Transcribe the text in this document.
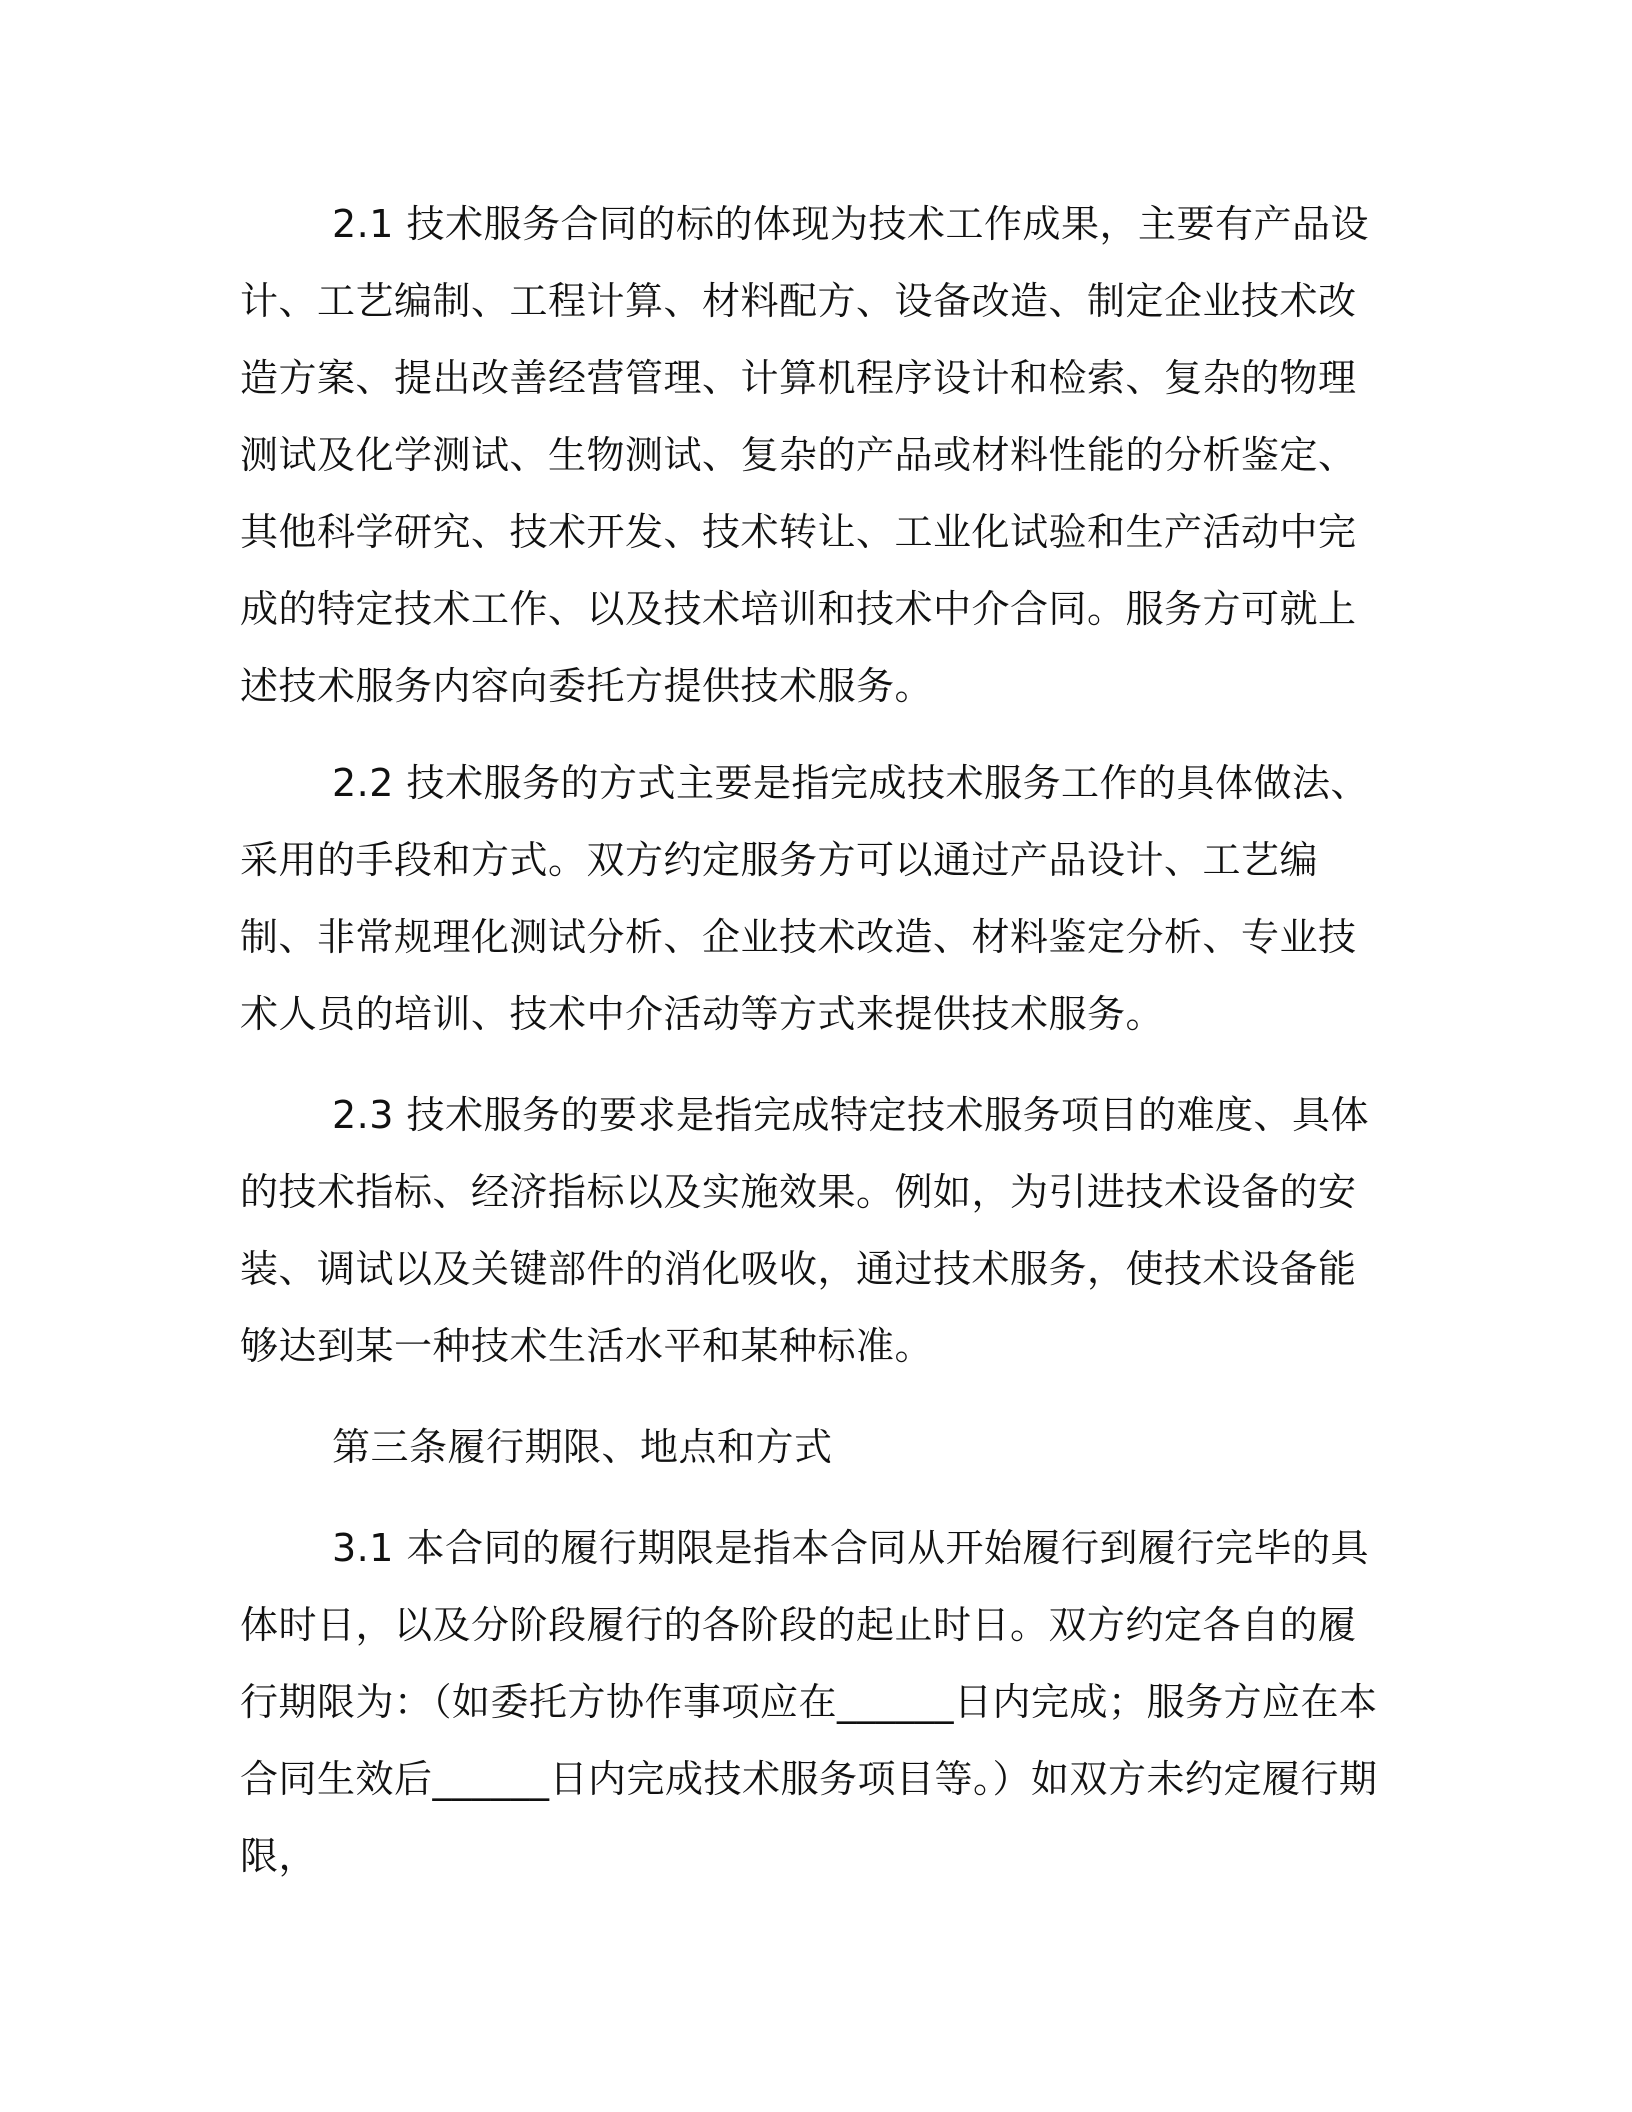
2.1 技术服务合同的标的体现为技术工作成果，主要有产品设计、工艺编制、工程计算、材料配方、设备改造、制定企业技术改造方案、提出改善经营管理、计算机程序设计和检索、复杂的物理测试及化学测试、生物测试、复杂的产品或材料性能的分析鉴定、其他科学研究、技术开发、技术转让、工业化试验和生产活动中完成的特定技术工作、以及技术培训和技术中介合同。服务方可就上述技术服务内容向委托方提供技术服务。

2.2 技术服务的方式主要是指完成技术服务工作的具体做法、采用的手段和方式。双方约定服务方可以通过产品设计、工艺编制、非常规理化测试分析、企业技术改造、材料鉴定分析、专业技术人员的培训、技术中介活动等方式来提供技术服务。

2.3 技术服务的要求是指完成特定技术服务项目的难度、具体的技术指标、经济指标以及实施效果。例如，为引进技术设备的安装、调试以及关键部件的消化吸收，通过技术服务，使技术设备能够达到某一种技术生活水平和某种标准。

第三条履行期限、地点和方式

3.1 本合同的履行期限是指本合同从开始履行到履行完毕的具体时日，以及分阶段履行的各阶段的起止时日。双方约定各自的履行期限为：（如委托方协作事项应在______日内完成；服务方应在本合同生效后______日内完成技术服务项目等。）如双方未约定履行期限，
